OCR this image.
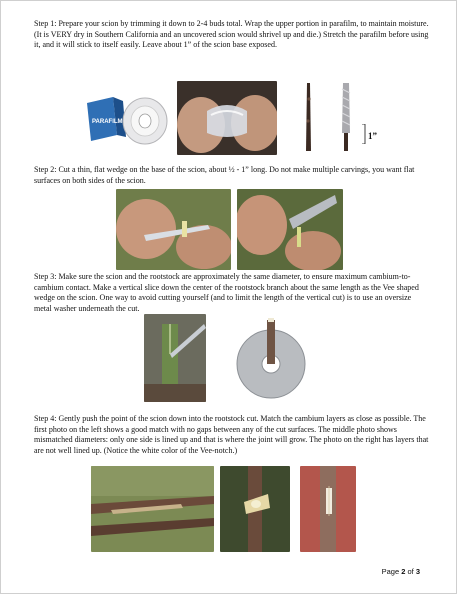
Step 1: Prepare your scion by trimming it down to 2-4 buds total. Wrap the upper portion in parafilm, to maintain moisture. (It is VERY dry in Southern California and an uncovered scion would shrivel up and die.) Stretch the parafilm before using it, and it will stick to itself easily. Leave about 1” of the scion base exposed.

PARAFILM
1”

Step 2: Cut a thin, flat wedge on the base of the scion, about ½ - 1” long. Do not make multiple carvings, you want flat surfaces on both sides of the scion.

Step 3: Make sure the scion and the rootstock are approximately the same diameter, to ensure maximum cambium-to-cambium contact. Make a vertical slice down the center of the rootstock branch about the same length as the Vee shaped wedge on the scion. One way to avoid cutting yourself (and to limit the length of the vertical cut) is to use an oversize metal washer underneath the cut.

Step 4: Gently push the point of the scion down into the rootstock cut. Match the cambium layers as close as possible. The first photo on the left shows a good match with no gaps between any of the cut surfaces. The middle photo shows mismatched diameters: only one side is lined up and that is where the joint will grow. The photo on the right has layers that are not well lined up. (Notice the white color of the Vee-notch.)

Page 2 of 3
